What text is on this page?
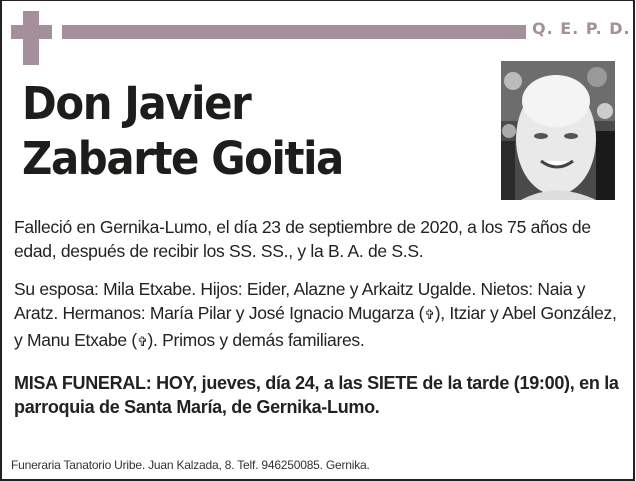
Q. E. P. D.
Don Javier
Zabarte Goitia
Falleció en Gernika-Lumo, el día 23 de septiembre de 2020, a los 75 años de edad, después de recibir los SS. SS., y la B. A. de S.S.
Su esposa: Mila Etxabe. Hijos: Eider, Alazne y Arkaitz Ugalde. Nietos: Naia y Aratz. Hermanos: María Pilar y José Ignacio Mugarza (✞), Itziar y Abel González, y Manu Etxabe (✞). Primos y demás familiares.
MISA FUNERAL: HOY, jueves, día 24, a las SIETE de la tarde (19:00), en la parroquia de Santa María, de Gernika-Lumo.
Funeraria Tanatorio Uribe. Juan Kalzada, 8. Telf. 946250085. Gernika.
